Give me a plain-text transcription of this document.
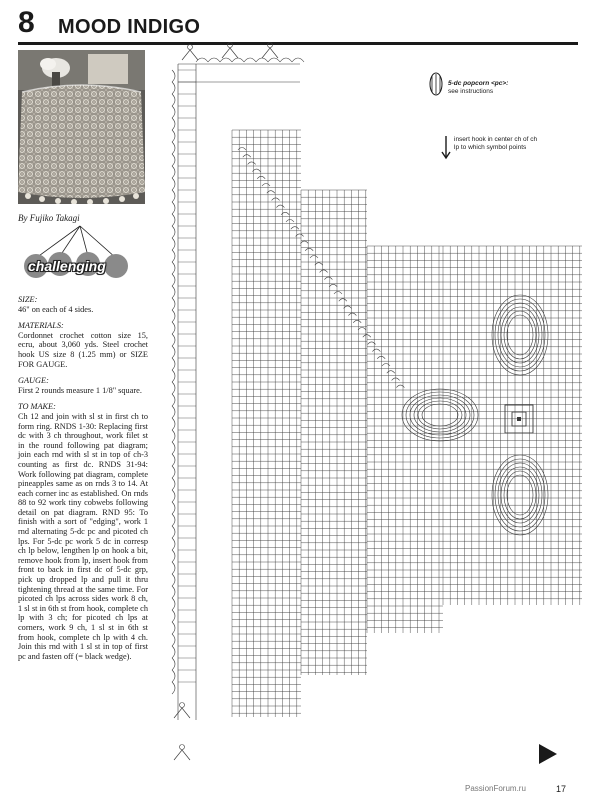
8 MOOD INDIGO
By Fujiko Takagi
challenging
SIZE:

46" on each of 4 sides.

MATERIALS:

Cordonnet crochet cotton size 15, ecru, about 3,060 yds. Steel crochet hook US size 8 (1.25 mm) or SIZE FOR GAUGE.

GAUGE:

First 2 rounds measure 1 1/8" square.

TO MAKE:

Ch 12 and join with sl st in first ch to form ring. RNDS 1-30: Replacing first dc with 3 ch throughout, work filet st in the round following pat diagram; join each rnd with sl st in top of ch-3 counting as first dc. RNDS 31-94: Work following pat diagram, complete pineapples same as on rnds 3 to 14. At each corner inc as established. On rnds 88 to 92 work tiny cobwebs following detail on pat diagram. RND 95: To finish with a sort of "edging", work 1 rnd alternating 5-dc pc and picoted ch lps. For 5-dc pc work 5 dc in corresp ch lp below, lengthen lp on hook a bit, remove hook from lp, insert hook from front to back in first dc of 5-dc grp, pick up dropped lp and pull it thru tightening thread at the same time. For picoted ch lps across sides work 8 ch, 1 sl st in 6th st from hook, complete ch lp with 3 ch; for picoted ch lps at corners, work 9 ch, 1 sl st in 6th st from hook, complete ch lp with 4 ch. Join this rnd with 1 sl st in top of first pc and fasten off (= black wedge).

5-dc popcorn <pc>:
see instructions
insert hook in center ch of ch lp to which symbol points
PassionForum.ru	17
